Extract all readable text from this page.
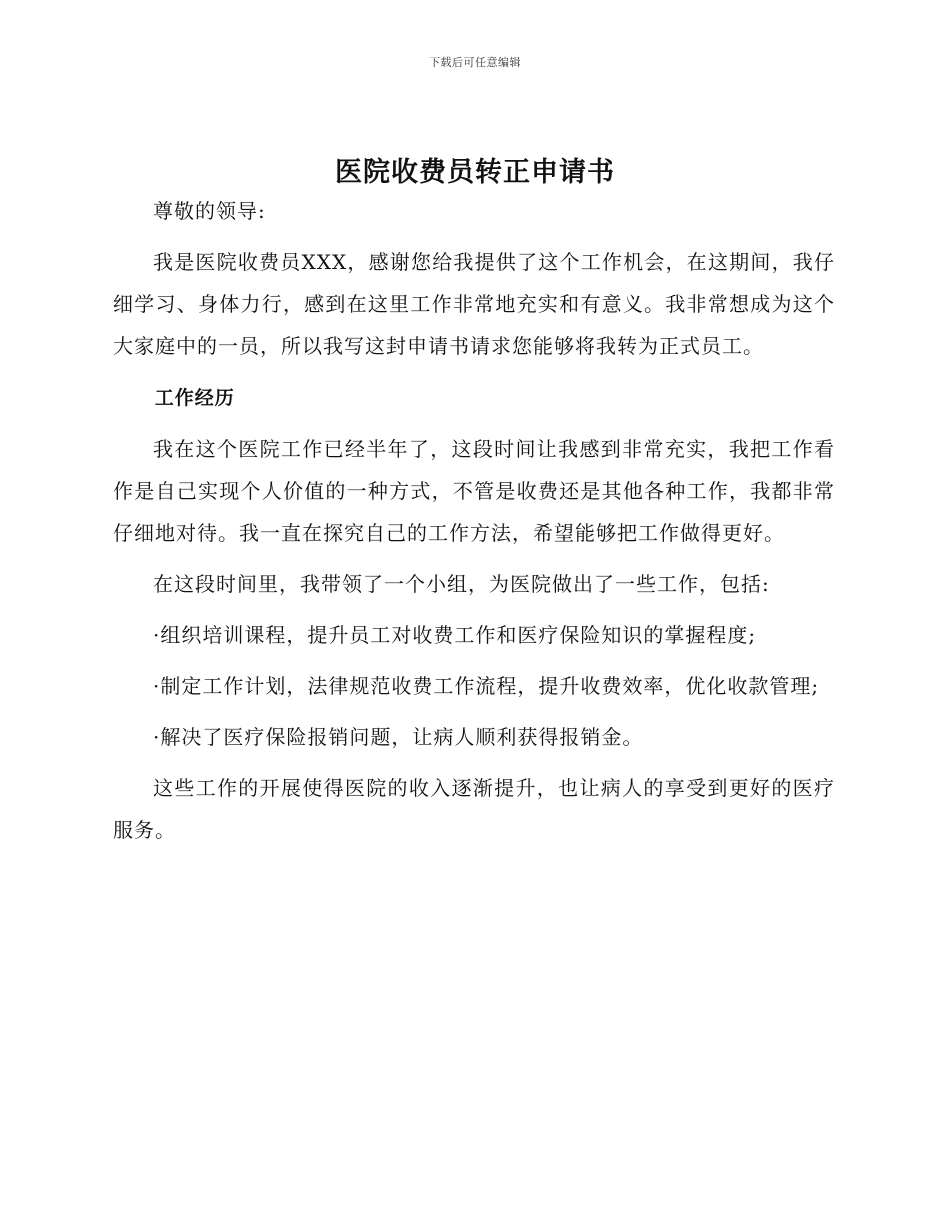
下载后可任意编辑
医院收费员转正申请书

尊敬的领导:

我是医院收费员XXX，感谢您给我提供了这个工作机会，在这期间，我仔细学习、身体力行，感到在这里工作非常地充实和有意义。我非常想成为这个大家庭中的一员，所以我写这封申请书请求您能够将我转为正式员工。

工作经历

我在这个医院工作已经半年了，这段时间让我感到非常充实，我把工作看作是自己实现个人价值的一种方式，不管是收费还是其他各种工作，我都非常仔细地对待。我一直在探究自己的工作方法，希望能够把工作做得更好。

在这段时间里，我带领了一个小组，为医院做出了一些工作，包括:

·组织培训课程，提升员工对收费工作和医疗保险知识的掌握程度;

·制定工作计划，法律规范收费工作流程，提升收费效率，优化收款管理;

·解决了医疗保险报销问题，让病人顺利获得报销金。

这些工作的开展使得医院的收入逐渐提升，也让病人的享受到更好的医疗服务。
